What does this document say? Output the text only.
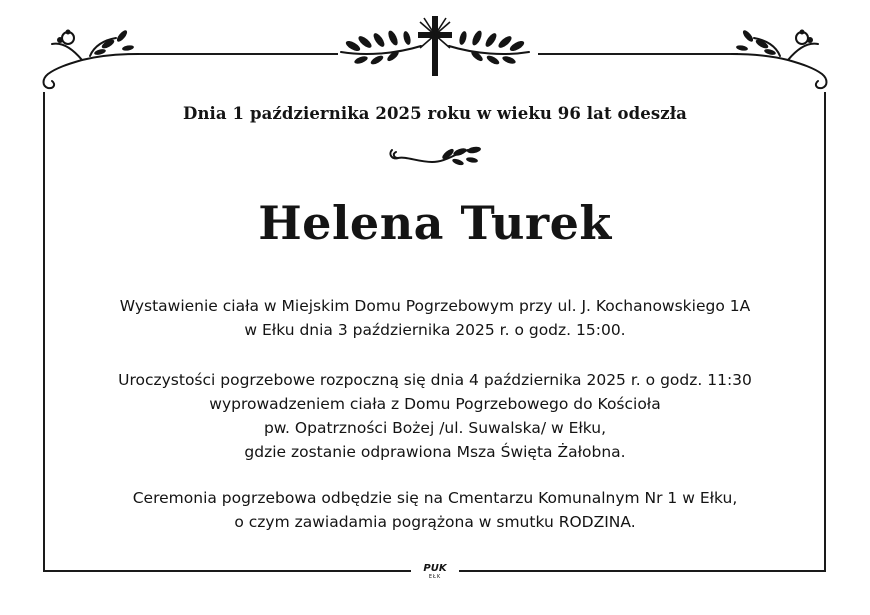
Dnia 1 października 2025 roku w wieku 96 lat odeszła
Helena Turek
Wystawienie ciała w Miejskim Domu Pogrzebowym przy ul. J. Kochanowskiego 1A
w Ełku dnia 3 października 2025 r. o godz. 15:00.
Uroczystości pogrzebowe rozpoczną się dnia 4 października 2025 r. o godz. 11:30
wyprowadzeniem ciała z Domu Pogrzebowego do Kościoła
pw. Opatrzności Bożej /ul. Suwalska/ w Ełku,
gdzie zostanie odprawiona Msza Święta Żałobna.
Ceremonia pogrzebowa odbędzie się na Cmentarzu Komunalnym Nr 1 w Ełku,
o czym zawiadamia pogrążona w smutku RODZINA.
PUK
EŁK
